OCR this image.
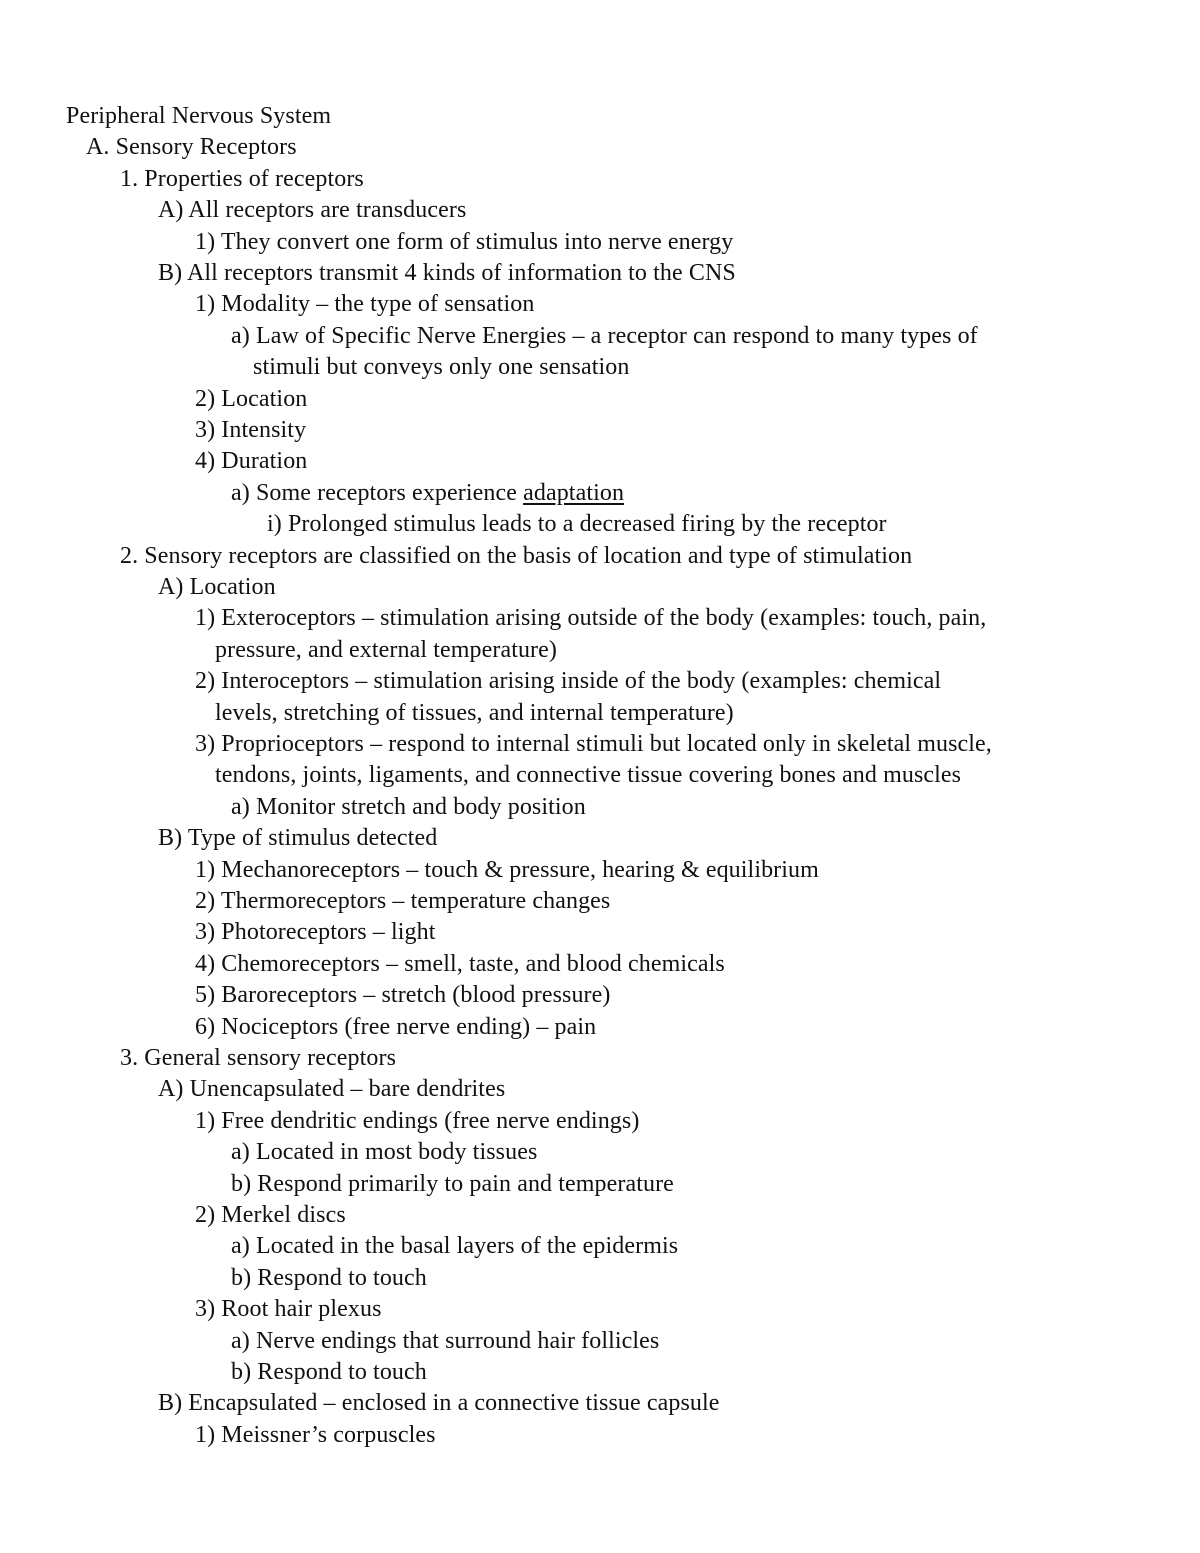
Peripheral Nervous System
A. Sensory Receptors
1. Properties of receptors
A) All receptors are transducers
1) They convert one form of stimulus into nerve energy
B) All receptors transmit 4 kinds of information to the CNS
1) Modality – the type of sensation
a) Law of Specific Nerve Energies – a receptor can respond to many types of
stimuli but conveys only one sensation
2) Location
3) Intensity
4) Duration
a) Some receptors experience adaptation
i) Prolonged stimulus leads to a decreased firing by the receptor
2. Sensory receptors are classified on the basis of location and type of stimulation
A) Location
1) Exteroceptors – stimulation arising outside of the body (examples: touch, pain,
pressure, and external temperature)
2) Interoceptors – stimulation arising inside of the body (examples: chemical
levels, stretching of tissues, and internal temperature)
3) Proprioceptors – respond to internal stimuli but located only in skeletal muscle,
tendons, joints, ligaments, and connective tissue covering bones and muscles
a) Monitor stretch and body position
B) Type of stimulus detected
1) Mechanoreceptors – touch & pressure, hearing & equilibrium
2) Thermoreceptors – temperature changes
3) Photoreceptors – light
4) Chemoreceptors – smell, taste, and blood chemicals
5) Baroreceptors – stretch (blood pressure)
6) Nociceptors (free nerve ending) – pain
3. General sensory receptors
A) Unencapsulated – bare dendrites
1) Free dendritic endings (free nerve endings)
a) Located in most body tissues
b) Respond primarily to pain and temperature
2) Merkel discs
a) Located in the basal layers of the epidermis
b) Respond to touch
3) Root hair plexus
a) Nerve endings that surround hair follicles
b) Respond to touch
B) Encapsulated – enclosed in a connective tissue capsule
1) Meissner’s corpuscles
